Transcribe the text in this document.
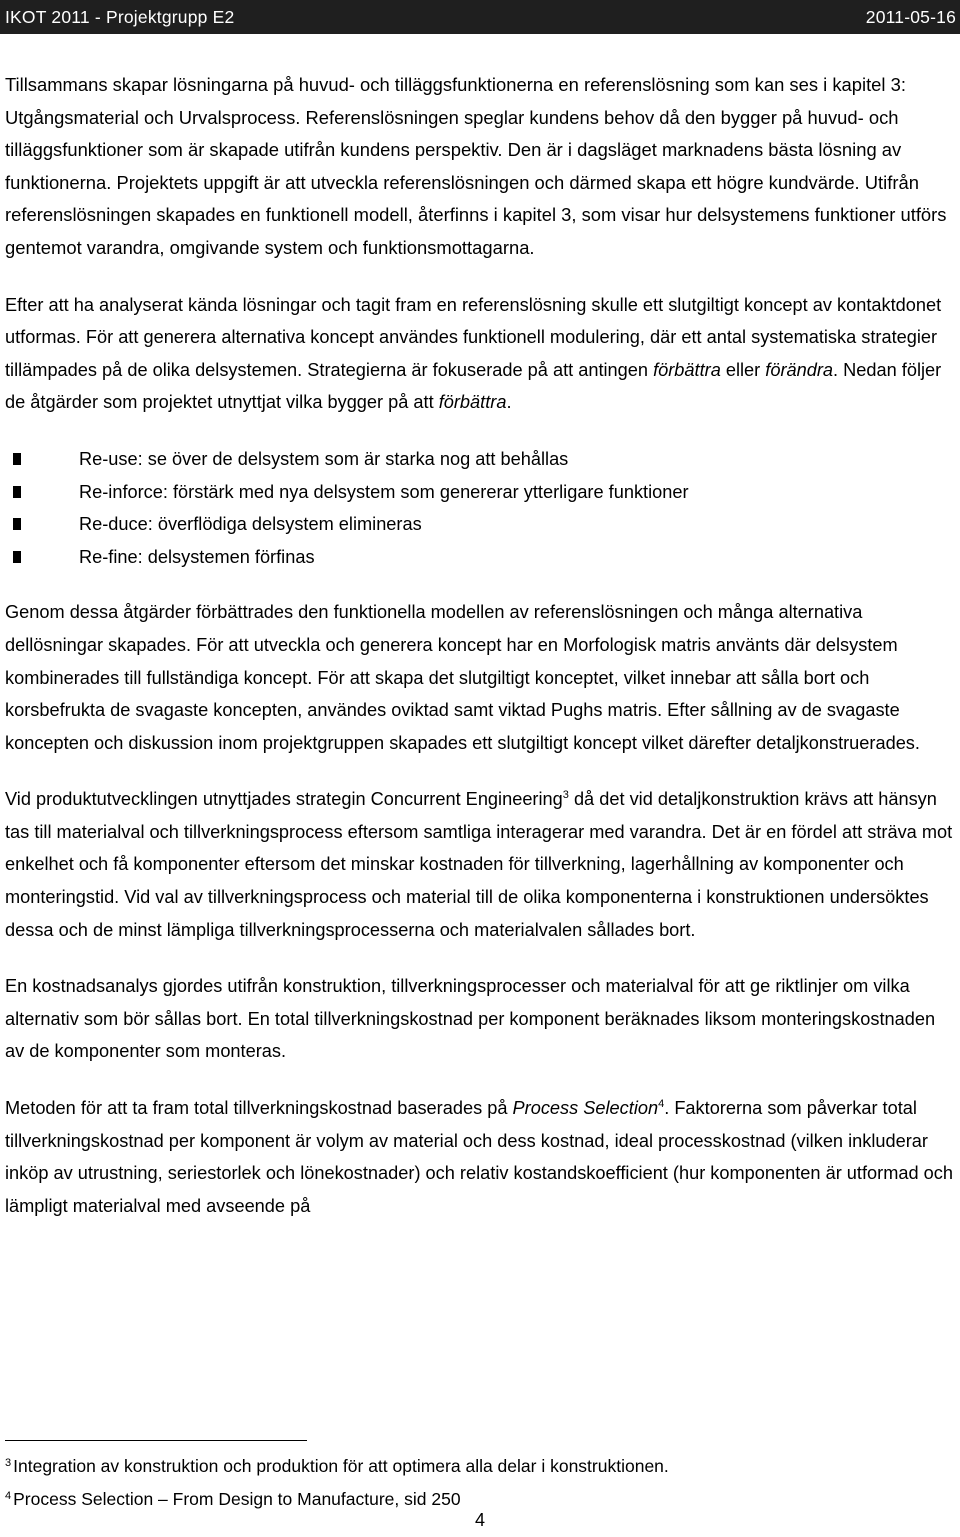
IKOT 2011 - Projektgrupp E2	2011-05-16

Tillsammans skapar lösningarna på huvud- och tilläggsfunktionerna en referenslösning som kan ses i kapitel 3: Utgångsmaterial och Urvalsprocess. Referenslösningen speglar kundens behov då den bygger på huvud- och tilläggsfunktioner som är skapade utifrån kundens perspektiv. Den är i dagsläget marknadens bästa lösning av funktionerna. Projektets uppgift är att utveckla referenslösningen och därmed skapa ett högre kundvärde. Utifrån referenslösningen skapades en funktionell modell, återfinns i kapitel 3, som visar hur delsystemens funktioner utförs gentemot varandra, omgivande system och funktionsmottagarna.

Efter att ha analyserat kända lösningar och tagit fram en referenslösning skulle ett slutgiltigt koncept av kontaktdonet utformas. För att generera alternativa koncept användes funktionell modulering, där ett antal systematiska strategier tillämpades på de olika delsystemen. Strategierna är fokuserade på att antingen förbättra eller förändra. Nedan följer de åtgärder som projektet utnyttjat vilka bygger på att förbättra.

Re-use: se över de delsystem som är starka nog att behållas
Re-inforce: förstärk med nya delsystem som genererar ytterligare funktioner
Re-duce: överflödiga delsystem elimineras
Re-fine: delsystemen förfinas

Genom dessa åtgärder förbättrades den funktionella modellen av referenslösningen och många alternativa dellösningar skapades. För att utveckla och generera koncept har en Morfologisk matris använts där delsystem kombinerades till fullständiga koncept. För att skapa det slutgiltigt konceptet, vilket innebar att sålla bort och korsbefrukta de svagaste koncepten, användes oviktad samt viktad Pughs matris. Efter sållning av de svagaste koncepten och diskussion inom projektgruppen skapades ett slutgiltigt koncept vilket därefter detaljkonstruerades.

Vid produktutvecklingen utnyttjades strategin Concurrent Engineering$^3$ då det vid detaljkonstruktion krävs att hänsyn tas till materialval och tillverkningsprocess eftersom samtliga interagerar med varandra. Det är en fördel att sträva mot enkelhet och få komponenter eftersom det minskar kostnaden för tillverkning, lagerhållning av komponenter och monteringstid. Vid val av tillverkningsprocess och material till de olika komponenterna i konstruktionen undersöktes dessa och de minst lämpliga tillverkningsprocesserna och materialvalen sållades bort.

En kostnadsanalys gjordes utifrån konstruktion, tillverkningsprocesser och materialval för att ge riktlinjer om vilka alternativ som bör sållas bort. En total tillverkningskostnad per komponent beräknades liksom monteringskostnaden av de komponenter som monteras.

Metoden för att ta fram total tillverkningskostnad baserades på Process Selection$^4$. Faktorerna som påverkar total tillverkningskostnad per komponent är volym av material och dess kostnad, ideal processkostnad (vilken inkluderar inköp av utrustning, seriestorlek och lönekostnader) och relativ kostandskoefficient (hur komponenten är utformad och lämpligt materialval med avseende på

$^3$ Integration av konstruktion och produktion för att optimera alla delar i konstruktionen.
$^4$ Process Selection – From Design to Manufacture, sid 250
4
